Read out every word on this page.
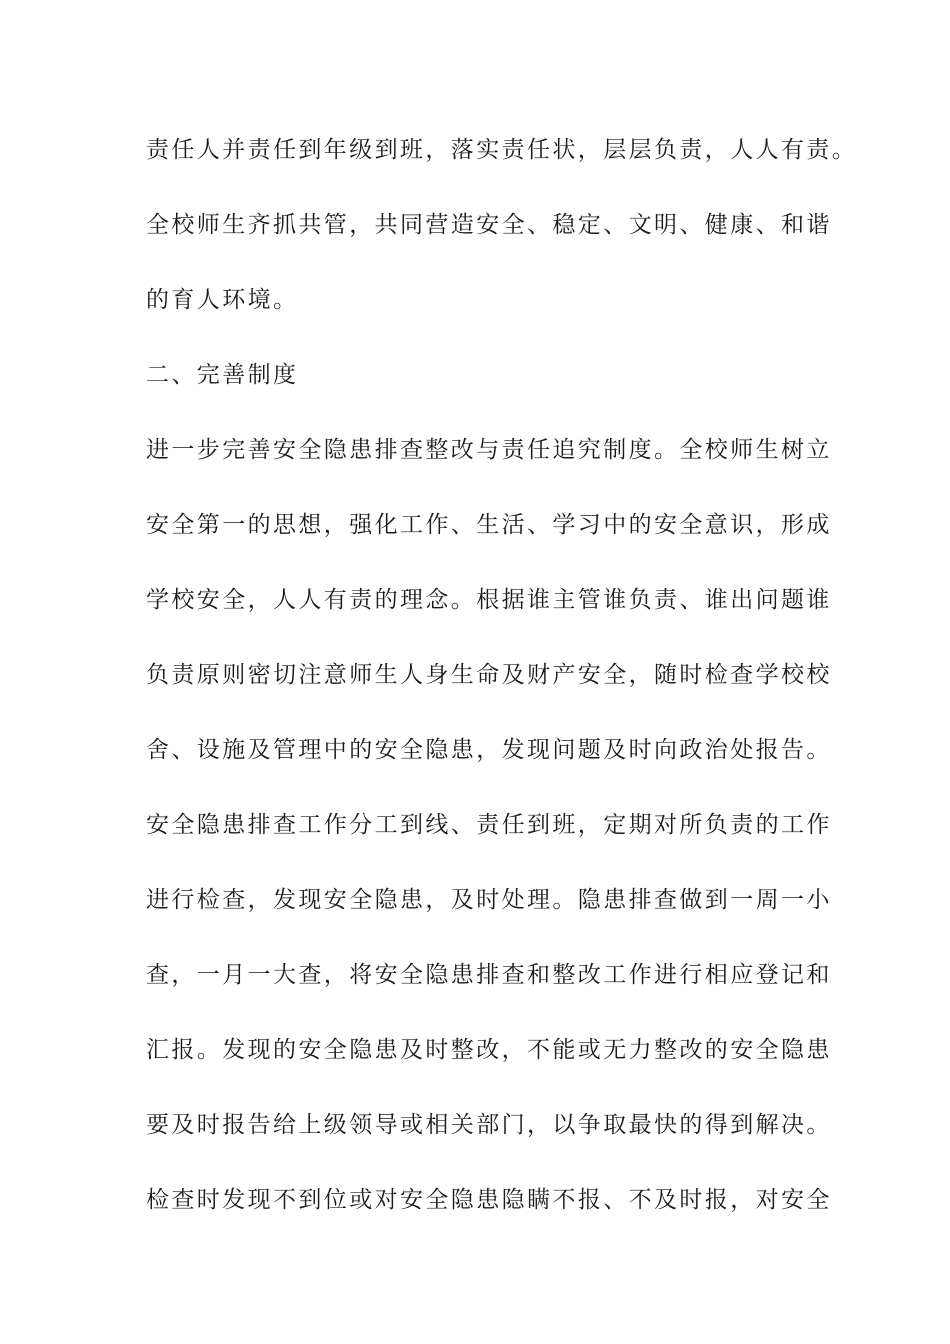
责任人并责任到年级到班，落实责任状，层层负责，人人有责。
全校师生齐抓共管，共同营造安全、稳定、文明、健康、和谐
的育人环境。
二、完善制度
进一步完善安全隐患排查整改与责任追究制度。全校师生树立
安全第一的思想，强化工作、生活、学习中的安全意识，形成
学校安全，人人有责的理念。根据谁主管谁负责、谁出问题谁
负责原则密切注意师生人身生命及财产安全，随时检查学校校
舍、设施及管理中的安全隐患，发现问题及时向政治处报告。
安全隐患排查工作分工到线、责任到班，定期对所负责的工作
进行检查，发现安全隐患，及时处理。隐患排查做到一周一小
查，一月一大查，将安全隐患排查和整改工作进行相应登记和
汇报。发现的安全隐患及时整改，不能或无力整改的安全隐患
要及时报告给上级领导或相关部门，以争取最快的得到解决。
检查时发现不到位或对安全隐患隐瞒不报、不及时报，对安全
